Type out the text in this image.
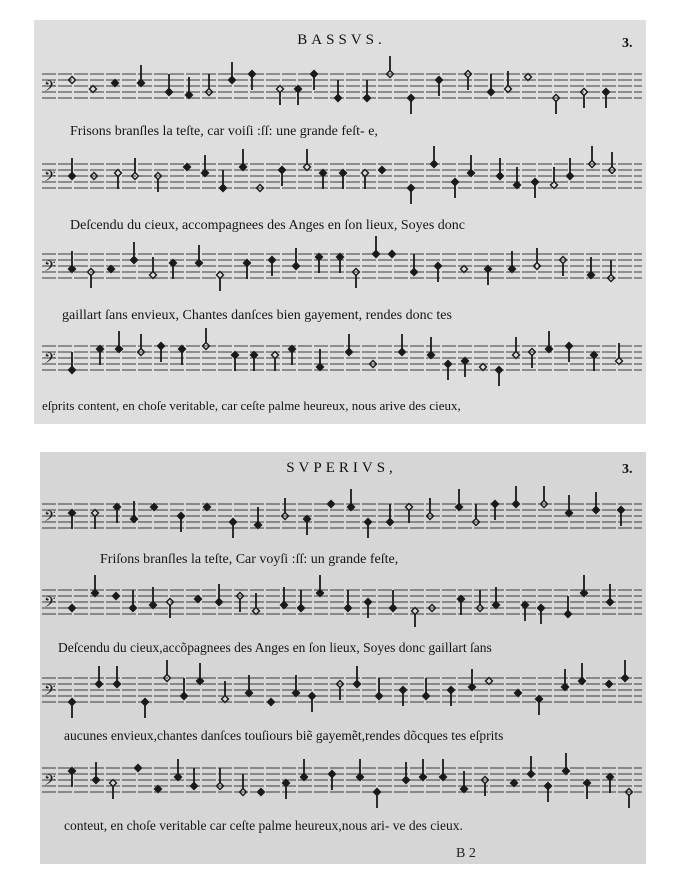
BASSVS.	3.
𝄢
Frisons branſles la teſte, car voiſi :ſſ: une grande feſt- e,
𝄢
Deſcendu du cieux, accompagnees des Anges en ſon lieux, Soyes donc
𝄢
gaillart ſans envieux, Chantes danſces bien gayement, rendes donc tes
𝄢
eſprits content, en choſe veritable, car ceſte palme heureux, nous arive des cieux,
SVPERIVS,	3.
𝄢
Friſons branſles la teſte, Car voyſi :ſſ: un grande feſte,
𝄢
Deſcendu du cieux,accõpagnees des Anges en ſon lieux, Soyes donc gaillart ſans
𝄢
aucunes envieux,chantes danſces touſiours biẽ gayemẽt,rendes dõcques tes eſprits
𝄢
conteut, en choſe veritable car ceſte palme heureux,nous ari- ve des cieux.
B 2
